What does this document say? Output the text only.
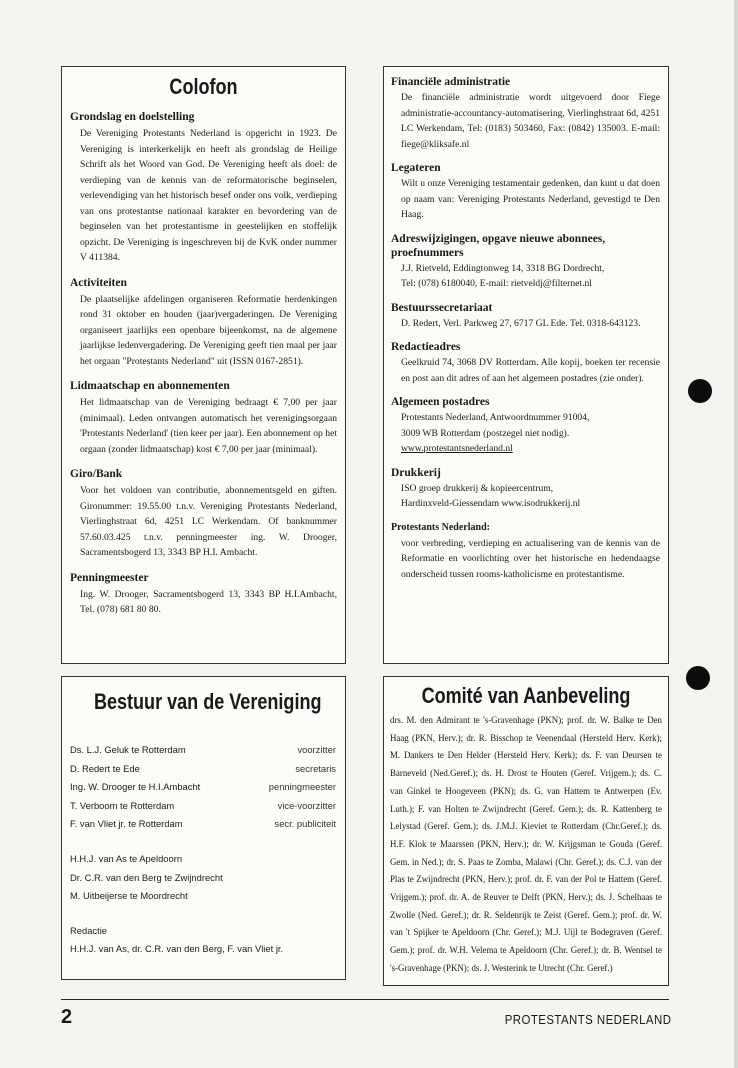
Colofon
Grondslag en doelstelling

De Vereniging Protestants Nederland is opgericht in 1923. De Vereniging is interkerkelijk en heeft als grondslag de Heilige Schrift als het Woord van God. De Vereniging heeft als doel: de verdieping van de kennis van de reformatorische beginselen, verlevendiging van het historisch besef onder ons volk, verdieping van ons protestantse nationaal karakter en bevordering van de beginselen van het protestantisme in geestelijken en stoffelijk opzicht. De Vereniging is ingeschreven bij de KvK onder nummer V 411384.

Activiteiten

De plaatselijke afdelingen organiseren Reformatie herdenkingen rond 31 oktober en houden (jaar)vergaderingen. De Vereniging organiseert jaarlijks een openbare bijeenkomst, na de algemene jaarlijkse ledenvergadering. De Vereniging geeft tien maal per jaar het orgaan "Protestants Nederland" uit (ISSN 0167-2851).

Lidmaatschap en abonnementen

Het lidmaatschap van de Vereniging bedraagt € 7,00 per jaar (minimaal). Leden ontvangen automatisch het verenigingsorgaan 'Protestants Nederland' (tien keer per jaar). Een abonnement op het orgaan (zonder lidmaatschap) kost € 7,00 per jaar (minimaal).

Giro/Bank

Voor het voldoen van contributie, abonnementsgeld en giften. Gironummer: 19.55.00 t.n.v. Vereniging Protestants Nederland, Vierlinghstraat 6d, 4251 LC Werkendam. Of banknummer 57.60.03.425 t.n.v. penningmeester ing. W. Drooger, Sacramentsbogerd 13, 3343 BP H.I. Ambacht.

Penningmeester

Ing. W. Drooger, Sacramentsbogerd 13, 3343 BP H.I.Ambacht, Tel. (078) 681 80 80.

Financiële administratie

De financiële administratie wordt uitgevoerd door Fiege administratie-accountancy-automatisering, Vierlinghstraat 6d, 4251 LC Werkendam, Tel: (0183) 503460, Fax: (0842) 135003. E-mail: fiege@kliksafe.nl

Legateren

Wilt u onze Vereniging testamentair gedenken, dan kunt u dat doen op naam van: Vereniging Protestants Nederland, gevestigd te Den Haag.

Adreswijzigingen, opgave nieuwe abonnees, proefnummers

J.J. Rietveld, Eddingtonweg 14, 3318 BG Dordrecht,

Tel: (078) 6180040, E-mail: rietveldj@filternet.nl

Bestuurssecretariaat

D. Redert, Verl. Parkweg 27, 6717 GL Ede. Tel. 0318-643123.

Redactieadres

Geelkruid 74, 3068 DV Rotterdam. Alle kopij, boeken ter recensie en post aan dit adres of aan het algemeen postadres (zie onder).

Algemeen postadres

Protestants Nederland, Antwoordnummer 91004,

3009 WB Rotterdam (postzegel niet nodig).

www.protestantsnederland.nl

Drukkerij

ISO groep drukkerij & kopieercentrum,

Hardinxveld-Giessendam www.isodrukkerij.nl

Protestants Nederland:

voor verbreding, verdieping en actualisering van de kennis van de Reformatie en voorlichting over het historische en hedendaagse onderscheid tussen rooms-katholicisme en protestantisme.

Bestuur van de Vereniging
Ds. L.J. Geluk te Rotterdam	voorzitter
D. Redert te Ede	secretaris
Ing. W. Drooger te H.I.Ambacht	penningmeester
T. Verboom te Rotterdam	vice-voorzitter
F. van Vliet jr. te Rotterdam	secr. publiciteit
H.H.J. van As te Apeldoorn
Dr. C.R. van den Berg te Zwijndrecht
M. Uitbeijerse te Moordrecht
Redactie
H.H.J. van As, dr. C.R. van den Berg, F. van Vliet jr.
Comité van Aanbeveling

drs. M. den Admirant te 's-Gravenhage (PKN); prof. dr. W. Balke te Den Haag (PKN, Herv.); dr. R. Bisschop te Veenendaal (Hersteld Herv. Kerk); M. Dankers te Den Helder (Hersteld Herv. Kerk); ds. F. van Deursen te Barneveld (Ned.Geref.); ds. H. Drost te Houten (Geref. Vrijgem.); ds. C. van Ginkel te Hoogeveen (PKN); ds. G. van Hattem te Antwerpen (Ev. Luth.); F. van Holten te Zwijndrecht (Geref. Gem.); ds. R. Kattenberg te Lelystad (Geref. Gem.); ds. J.M.J. Kieviet te Rotterdam (Chr.Geref.); ds. H.F. Klok te Maarssen (PKN, Herv.); dr. W. Krijgsman te Gouda (Geref. Gem. in Ned.); dr. S. Paas te Zomba, Malawi (Chr. Geref.); ds. C.J. van der Plas te Zwijndrecht (PKN, Herv.); prof. dr. F. van der Pol te Hattem (Geref. Vrijgem.); prof. dr. A. de Reuver te Delft (PKN, Herv.); ds. J. Schelhaas te Zwolle (Ned. Geref.); dr. R. Seldenrijk te Zeist (Geref. Gem.); prof. dr. W. van 't Spijker te Apeldoorn (Chr. Geref.); M.J. Uijl te Bodegraven (Geref. Gem.); prof. dr. W.H. Velema te Apeldoorn (Chr. Geref.); dr. B. Wentsel te 's-Gravenhage (PKN); ds. J. Westerink te Utrecht (Chr. Geref.)

2	PROTESTANTS NEDERLAND
